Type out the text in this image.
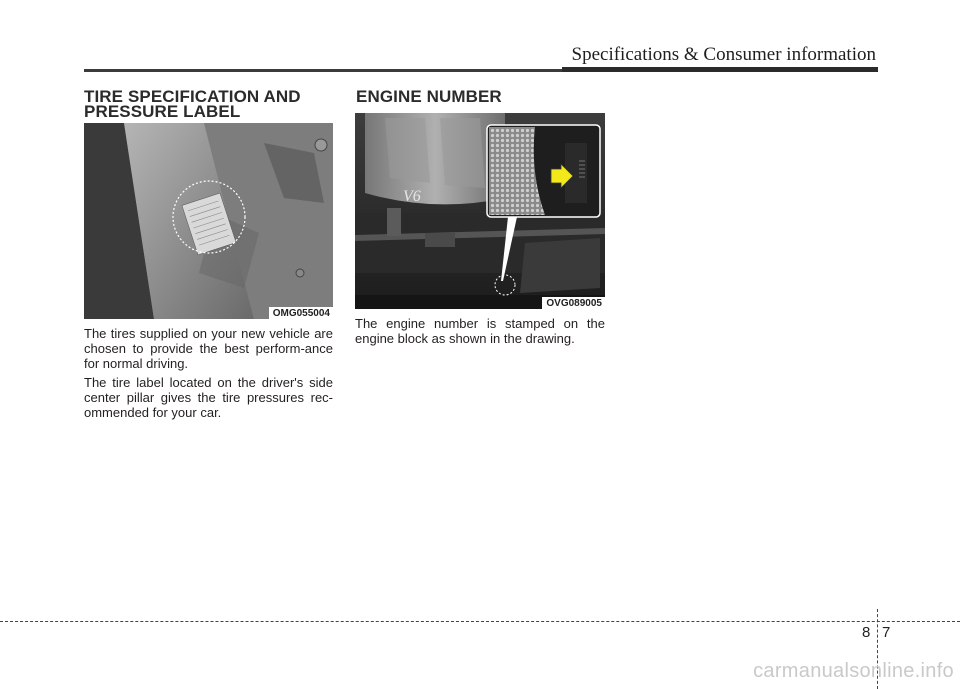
Specifications & Consumer information
TIRE SPECIFICATION AND
PRESSURE LABEL
OMG055004

The tires supplied on your new vehicle are chosen to provide the best perform-ance for normal driving.

The tire label located on the driver's side center pillar gives the tire pressures rec-ommended for your car.

ENGINE NUMBER
V6
OVG089005

The engine number is stamped on the engine block as shown in the drawing.

8 7
carmanualsonline.info
